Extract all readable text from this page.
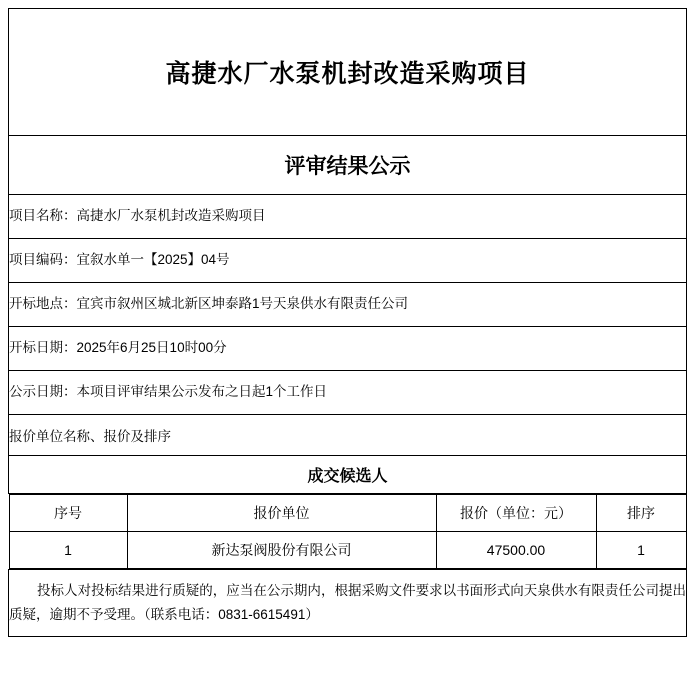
高捷水厂水泵机封改造采购项目
评审结果公示
项目名称：高捷水厂水泵机封改造采购项目
项目编码：宜叙水单一【2025】04号
开标地点：宜宾市叙州区城北新区坤泰路1号天泉供水有限责任公司
开标日期：2025年6月25日10时00分
公示日期：本项目评审结果公示发布之日起1个工作日
报价单位名称、报价及排序
成交候选人

序号	报价单位	报价（单位：元）	排序
1	新达泵阀股份有限公司	47500.00	1

投标人对投标结果进行质疑的，应当在公示期内，根据采购文件要求以书面形式向天泉供水有限责任公司提出质疑，逾期不予受理。（联系电话：0831-6615491）
